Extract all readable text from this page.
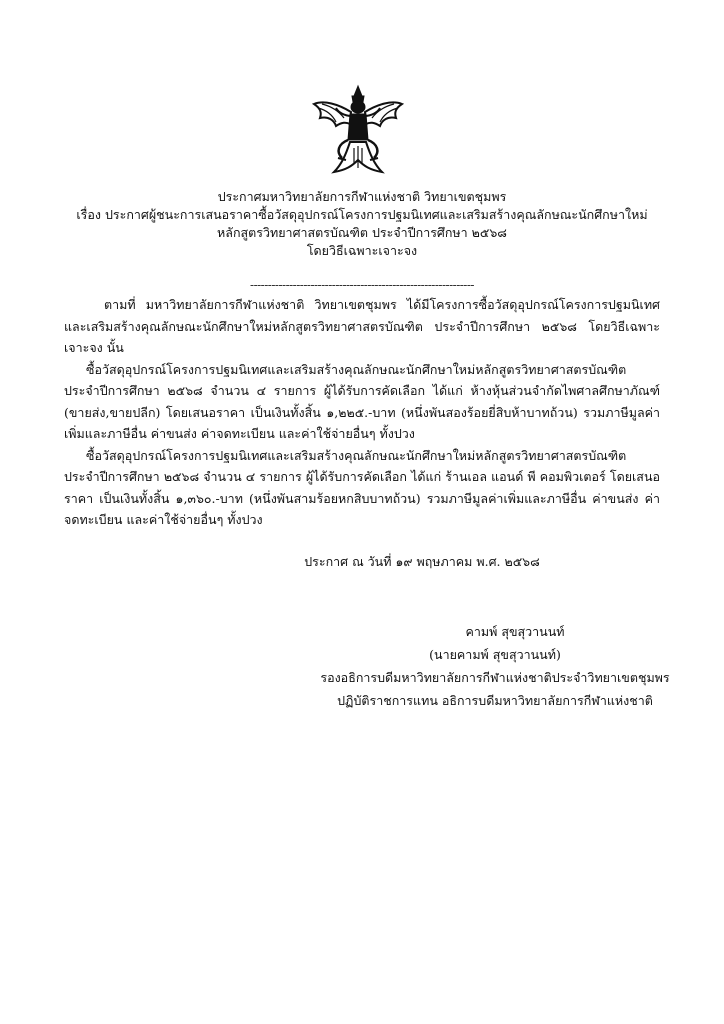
ประกาศมหาวิทยาลัยการกีฬาแห่งชาติ วิทยาเขตชุมพร
เรื่อง ประกาศผู้ชนะการเสนอราคาซื้อวัสดุอุปกรณ์โครงการปฐมนิเทศและเสริมสร้างคุณลักษณะนักศึกษาใหม่
หลักสูตรวิทยาศาสตรบัณฑิต ประจำปีการศึกษา ๒๕๖๘
โดยวิธีเฉพาะเจาะจง
---------------------------------------------------------------

ตามที่ มหาวิทยาลัยการกีฬาแห่งชาติ วิทยาเขตชุมพร ได้มีโครงการซื้อวัสดุอุปกรณ์โครงการปฐมนิเทศและเสริมสร้างคุณลักษณะนักศึกษาใหม่หลักสูตรวิทยาศาสตรบัณฑิต ประจำปีการศึกษา ๒๕๖๘ โดยวิธีเฉพาะเจาะจง นั้น

ซื้อวัสดุอุปกรณ์โครงการปฐมนิเทศและเสริมสร้างคุณลักษณะนักศึกษาใหม่หลักสูตรวิทยาศาสตรบัณฑิต ประจำปีการศึกษา ๒๕๖๘ จำนวน ๔ รายการ ผู้ได้รับการคัดเลือก ได้แก่ ห้างหุ้นส่วนจำกัดไพศาลศึกษาภัณฑ์ (ขายส่ง,ขายปลีก) โดยเสนอราคา เป็นเงินทั้งสิ้น ๑,๒๒๕.-บาท (หนึ่งพันสองร้อยยี่สิบห้าบาทถ้วน) รวมภาษีมูลค่าเพิ่มและภาษีอื่น ค่าขนส่ง ค่าจดทะเบียน และค่าใช้จ่ายอื่นๆ ทั้งปวง

ซื้อวัสดุอุปกรณ์โครงการปฐมนิเทศและเสริมสร้างคุณลักษณะนักศึกษาใหม่หลักสูตรวิทยาศาสตรบัณฑิต ประจำปีการศึกษา ๒๕๖๘ จำนวน ๔ รายการ ผู้ได้รับการคัดเลือก ได้แก่ ร้านเอล แอนด์ พี คอมพิวเตอร์ โดยเสนอราคา เป็นเงินทั้งสิ้น ๑,๓๖๐.-บาท (หนึ่งพันสามร้อยหกสิบบาทถ้วน) รวมภาษีมูลค่าเพิ่มและภาษีอื่น ค่าขนส่ง ค่าจดทะเบียน และค่าใช้จ่ายอื่นๆ ทั้งปวง

ประกาศ ณ วันที่ ๑๙ พฤษภาคม พ.ศ. ๒๕๖๘
คามพ์ สุขสุวานนท์
(นายคามพ์ สุขสุวานนท์)
รองอธิการบดีมหาวิทยาลัยการกีฬาแห่งชาติประจำวิทยาเขตชุมพร
ปฏิบัติราชการแทน อธิการบดีมหาวิทยาลัยการกีฬาแห่งชาติ
